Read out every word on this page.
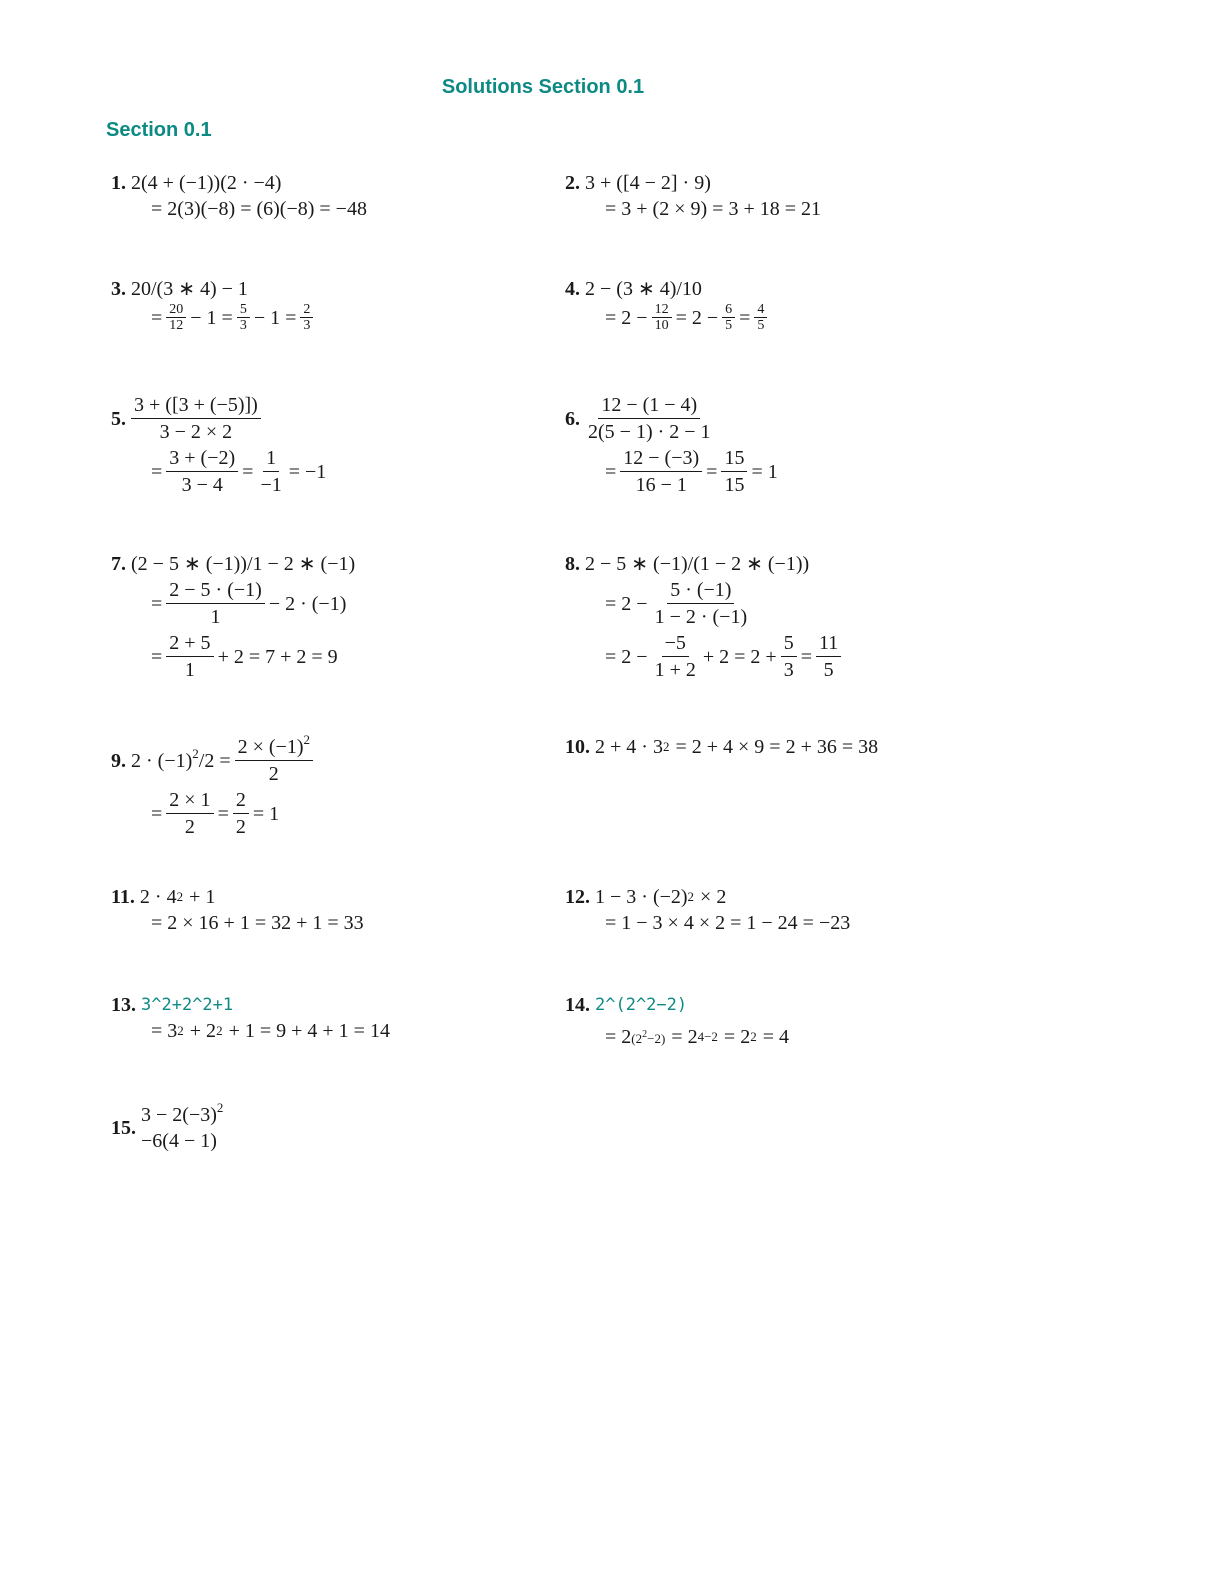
Solutions Section 0.1
Section 0.1
1. 2(4 + (−1))(2 · −4)
= 2(3)(−8) = (6)(−8) = −48
2. 3 + ([4 − 2] · 9)
= 3 + (2 × 9) = 3 + 18 = 21
3. 20/(3 ∗ 4) − 1
= $\frac{20}{12} - 1 = \frac{5}{3} - 1 = \frac{2}{3}$
4. 2 − (3 ∗ 4)/10
= $2 - \frac{12}{10} = 2 - \frac{6}{5} = \frac{4}{5}$
5. $\frac{3 + ([3 + (-5)])}{3 - 2 \times 2}$
= $\frac{3 + (-2)}{3 - 4} = \frac{1}{-1} = -1$
6. $\frac{12 - (1 - 4)}{2(5 - 1) \cdot 2 - 1}$
= $\frac{12 - (-3)}{16 - 1} = \frac{15}{15} = 1$
7. (2 − 5 ∗ (−1))/1 − 2 ∗ (−1)
= $\frac{2 - 5 \cdot (-1)}{1} - 2 \cdot (-1)$
= $\frac{2 + 5}{1} + 2 = 7 + 2 = 9$
8. 2 − 5 ∗ (−1)/(1 − 2 ∗ (−1))
= $2 - \frac{5 \cdot (-1)}{1 - 2 \cdot (-1)}$
= $2 - \frac{-5}{1 + 2} + 2 = 2 + \frac{5}{3} = \frac{11}{5}$
9. $2 \cdot (-1)^2/2 = \frac{2 \times (-1)^2}{2}$
= $\frac{2 \times 1}{2} = \frac{2}{2} = 1$
10. 2 + 4 · 3 2 = 2 + 4 × 9 = 2 + 36 = 38
11. 2 · 4 2 + 1
= 2 × 16 + 1 = 32 + 1 = 33
12. 1 − 3 · (−2) 2 × 2
= 1 − 3 × 4 × 2 = 1 − 24 = −23
13. 3^2+2^2+1
= 3 2 + 2 2 + 1 = 9 + 4 + 1 = 14
14. 2^(2^2−2)
= 2 $(2^2-2) = 2$ 4−2 = 2 2 = 4
15.
$3 - 2(-3)^2$
−6(4 − 1)
